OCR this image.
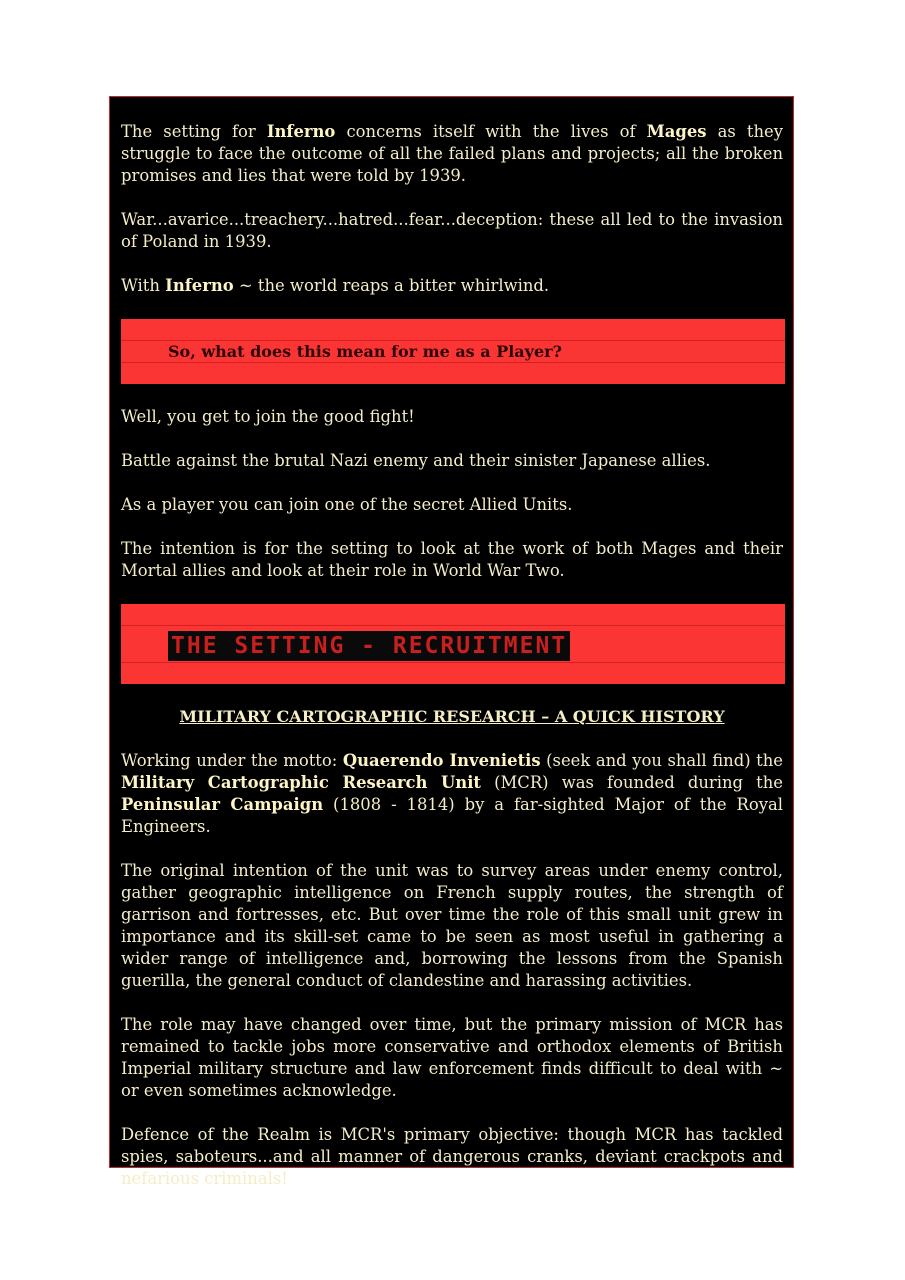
The setting for Inferno concerns itself with the lives of Mages as they struggle to face the outcome of all the failed plans and projects; all the broken promises and lies that were told by 1939.

War...avarice...treachery...hatred...fear...deception: these all led to the invasion of Poland in 1939.

With Inferno ~ the world reaps a bitter whirlwind.

So, what does this mean for me as a Player?

Well, you get to join the good fight!

Battle against the brutal Nazi enemy and their sinister Japanese allies.

As a player you can join one of the secret Allied Units.

The intention is for the setting to look at the work of both Mages and their Mortal allies and look at their role in World War Two.

THE SETTING - RECRUITMENT
MILITARY CARTOGRAPHIC RESEARCH – A QUICK HISTORY

Working under the motto: Quaerendo Invenietis (seek and you shall find) the Military Cartographic Research Unit (MCR) was founded during the Peninsular Campaign (1808 - 1814) by a far-sighted Major of the Royal Engineers.

The original intention of the unit was to survey areas under enemy control, gather geographic intelligence on French supply routes, the strength of garrison and fortresses, etc. But over time the role of this small unit grew in importance and its skill-set came to be seen as most useful in gathering a wider range of intelligence and, borrowing the lessons from the Spanish guerilla, the general conduct of clandestine and harassing activities.

The role may have changed over time, but the primary mission of MCR has remained to tackle jobs more conservative and orthodox elements of British Imperial military structure and law enforcement finds difficult to deal with ~ or even sometimes acknowledge.

Defence of the Realm is MCR's primary objective: though MCR has tackled spies, saboteurs...and all manner of dangerous cranks, deviant crackpots and nefarious criminals!
